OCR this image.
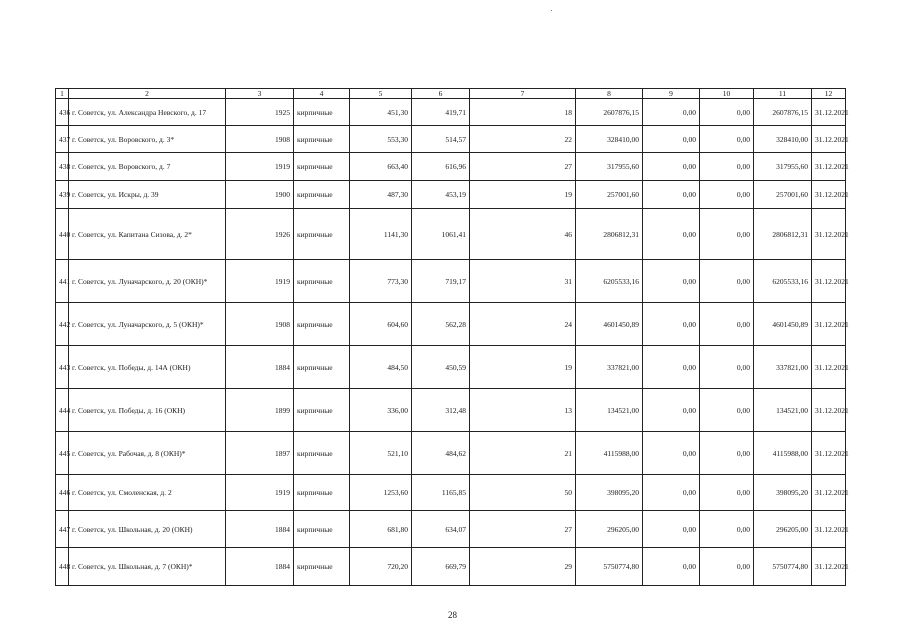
1	2	3	4	5	6	7	8	9	10	11	12
436	г. Советск, ул. Александра Невского, д. 17	1925	кирпичные	451,30	419,71	18	2607876,15	0,00	0,00	2607876,15	31.12.2021
437	г. Советск, ул. Воровского, д. 3*	1908	кирпичные	553,30	514,57	22	328410,00	0,00	0,00	328410,00	31.12.2021
438	г. Советск, ул. Воровского, д. 7	1919	кирпичные	663,40	616,96	27	317955,60	0,00	0,00	317955,60	31.12.2021
439	г. Советск, ул. Искры, д. 39	1900	кирпичные	487,30	453,19	19	257001,60	0,00	0,00	257001,60	31.12.2021
440	г. Советск, ул. Капитана Сизова, д. 2*	1926	кирпичные	1141,30	1061,41	46	2806812,31	0,00	0,00	2806812,31	31.12.2021
441	г. Советск, ул. Луначарского, д. 20 (ОКН)*	1919	кирпичные	773,30	719,17	31	6205533,16	0,00	0,00	6205533,16	31.12.2021
442	г. Советск, ул. Луначарского, д. 5 (ОКН)*	1908	кирпичные	604,60	562,28	24	4601450,89	0,00	0,00	4601450,89	31.12.2021
443	г. Советск, ул. Победы, д. 14А (ОКН)	1884	кирпичные	484,50	450,59	19	337821,00	0,00	0,00	337821,00	31.12.2021
444	г. Советск, ул. Победы, д. 16 (ОКН)	1899	кирпичные	336,00	312,48	13	134521,00	0,00	0,00	134521,00	31.12.2021
445	г. Советск, ул. Рабочая, д. 8 (ОКН)*	1897	кирпичные	521,10	484,62	21	4115988,00	0,00	0,00	4115988,00	31.12.2021
446	г. Советск, ул. Смоленская, д. 2	1919	кирпичные	1253,60	1165,85	50	398095,20	0,00	0,00	398095,20	31.12.2021
447	г. Советск, ул. Школьная, д. 20 (ОКН)	1884	кирпичные	681,80	634,07	27	296205,00	0,00	0,00	296205,00	31.12.2021
448	г. Советск, ул. Школьная, д. 7 (ОКН)*	1884	кирпичные	720,20	669,79	29	5750774,80	0,00	0,00	5750774,80	31.12.2021
28
